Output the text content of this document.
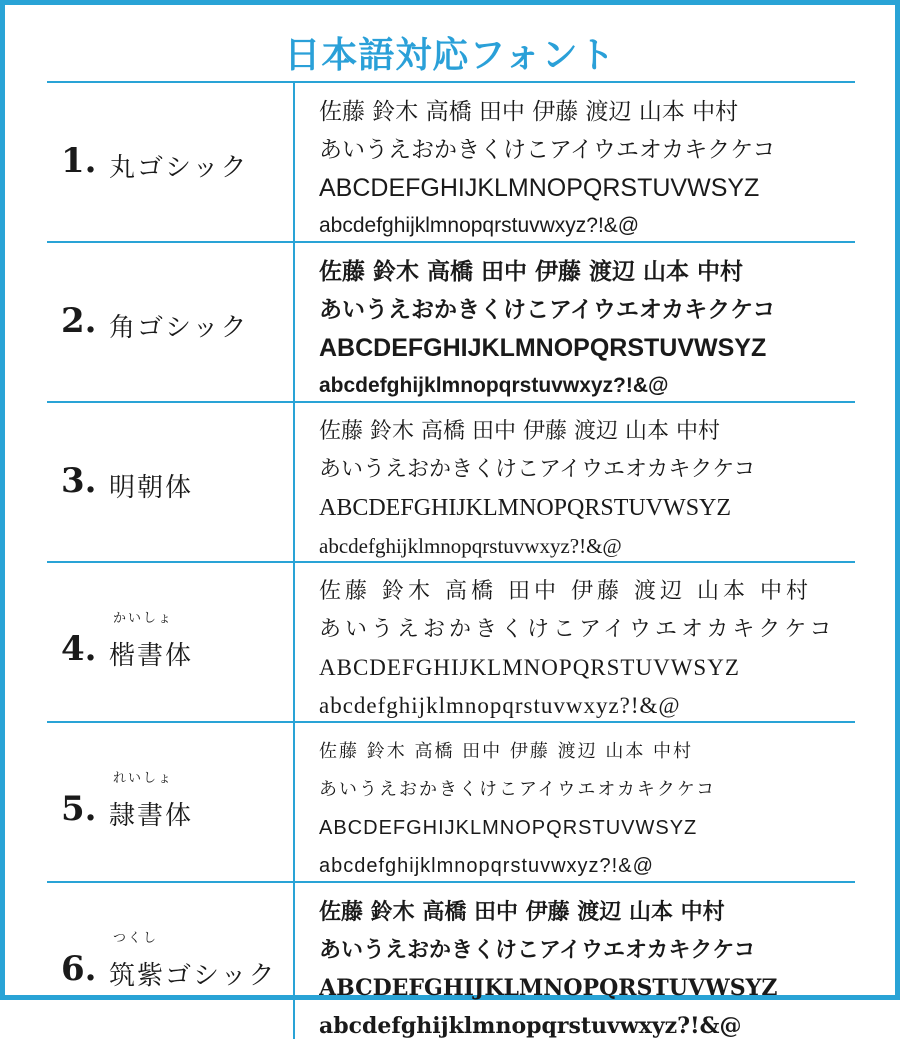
日本語対応フォント
1. 丸ゴシック
佐藤 鈴木 高橋 田中 伊藤 渡辺 山本 中村
あいうえおかきくけこアイウエオカキクケコ
ABCDEFGHIJKLMNOPQRSTUVWSYZ
abcdefghijklmnopqrstuvwxyz?!&@
2. 角ゴシック
佐藤 鈴木 高橋 田中 伊藤 渡辺 山本 中村
あいうえおかきくけこアイウエオカキクケコ
ABCDEFGHIJKLMNOPQRSTUVWSYZ
abcdefghijklmnopqrstuvwxyz?!&@
3. 明朝体
佐藤 鈴木 高橋 田中 伊藤 渡辺 山本 中村
あいうえおかきくけこアイウエオカキクケコ
ABCDEFGHIJKLMNOPQRSTUVWSYZ
abcdefghijklmnopqrstuvwxyz?!&@
かいしょ
4. 楷書体
佐藤 鈴木 高橋 田中 伊藤 渡辺 山本 中村
あいうえおかきくけこアイウエオカキクケコ
ABCDEFGHIJKLMNOPQRSTUVWSYZ
abcdefghijklmnopqrstuvwxyz?!&@
れいしょ
5. 隷書体
佐藤 鈴木 高橋 田中 伊藤 渡辺 山本 中村
あいうえおかきくけこアイウエオカキクケコ
ABCDEFGHIJKLMNOPQRSTUVWSYZ
abcdefghijklmnopqrstuvwxyz?!&@
つくし
6. 筑紫ゴシック
佐藤 鈴木 高橋 田中 伊藤 渡辺 山本 中村
あいうえおかきくけこアイウエオカキクケコ
ABCDEFGHIJKLMNOPQRSTUVWSYZ
abcdefghijklmnopqrstuvwxyz?!&@
